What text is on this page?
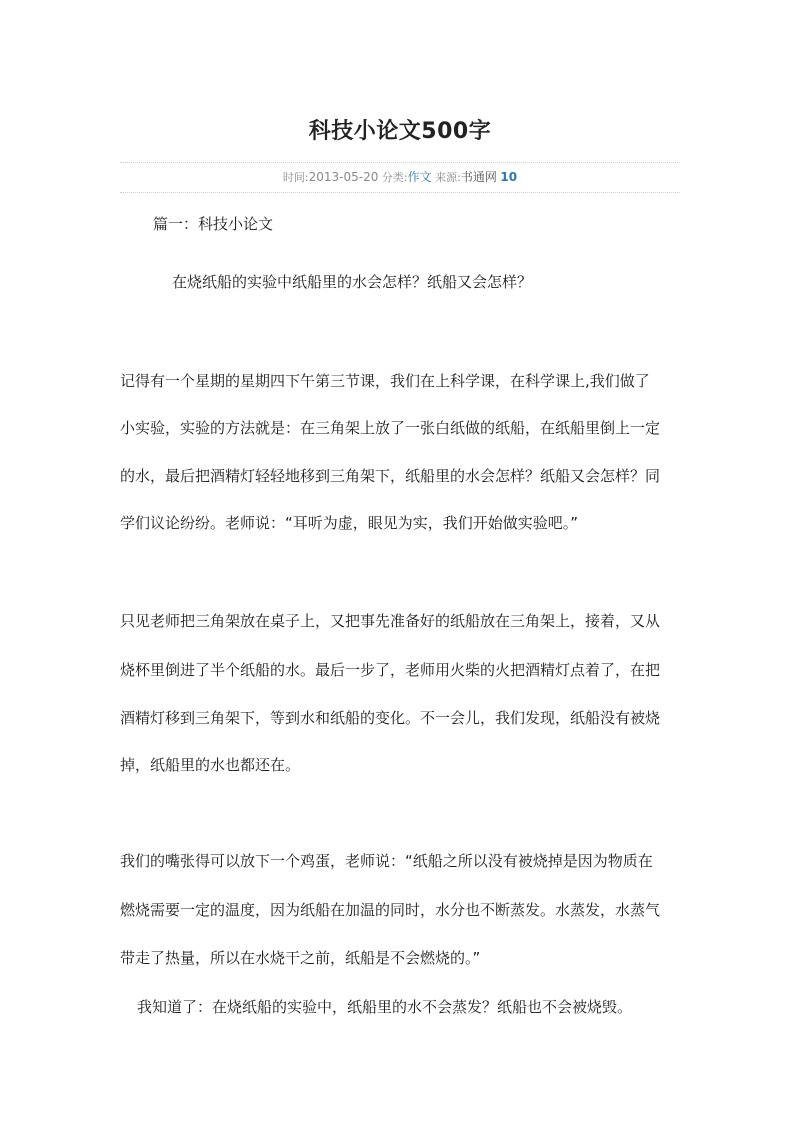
科技小论文500字
时间:2013-05-20 分类:作文 来源:书通网 10
篇一：科技小论文
在烧纸船的实验中纸船里的水会怎样？纸船又会怎样？
记得有一个星期的星期四下午第三节课，我们在上科学课，在科学课上,我们做了
小实验，实验的方法就是：在三角架上放了一张白纸做的纸船，在纸船里倒上一定
的水，最后把酒精灯轻轻地移到三角架下，纸船里的水会怎样？纸船又会怎样？同
学们议论纷纷。老师说：“耳听为虚，眼见为实，我们开始做实验吧。”
只见老师把三角架放在桌子上，又把事先准备好的纸船放在三角架上，接着，又从
烧杯里倒进了半个纸船的水。最后一步了，老师用火柴的火把酒精灯点着了，在把
酒精灯移到三角架下，等到水和纸船的变化。不一会儿，我们发现，纸船没有被烧
掉，纸船里的水也都还在。
我们的嘴张得可以放下一个鸡蛋，老师说：“纸船之所以没有被烧掉是因为物质在
燃烧需要一定的温度，因为纸船在加温的同时，水分也不断蒸发。水蒸发，水蒸气
带走了热量，所以在水烧干之前，纸船是不会燃烧的。”
我知道了：在烧纸船的实验中，纸船里的水不会蒸发？纸船也不会被烧毁。
